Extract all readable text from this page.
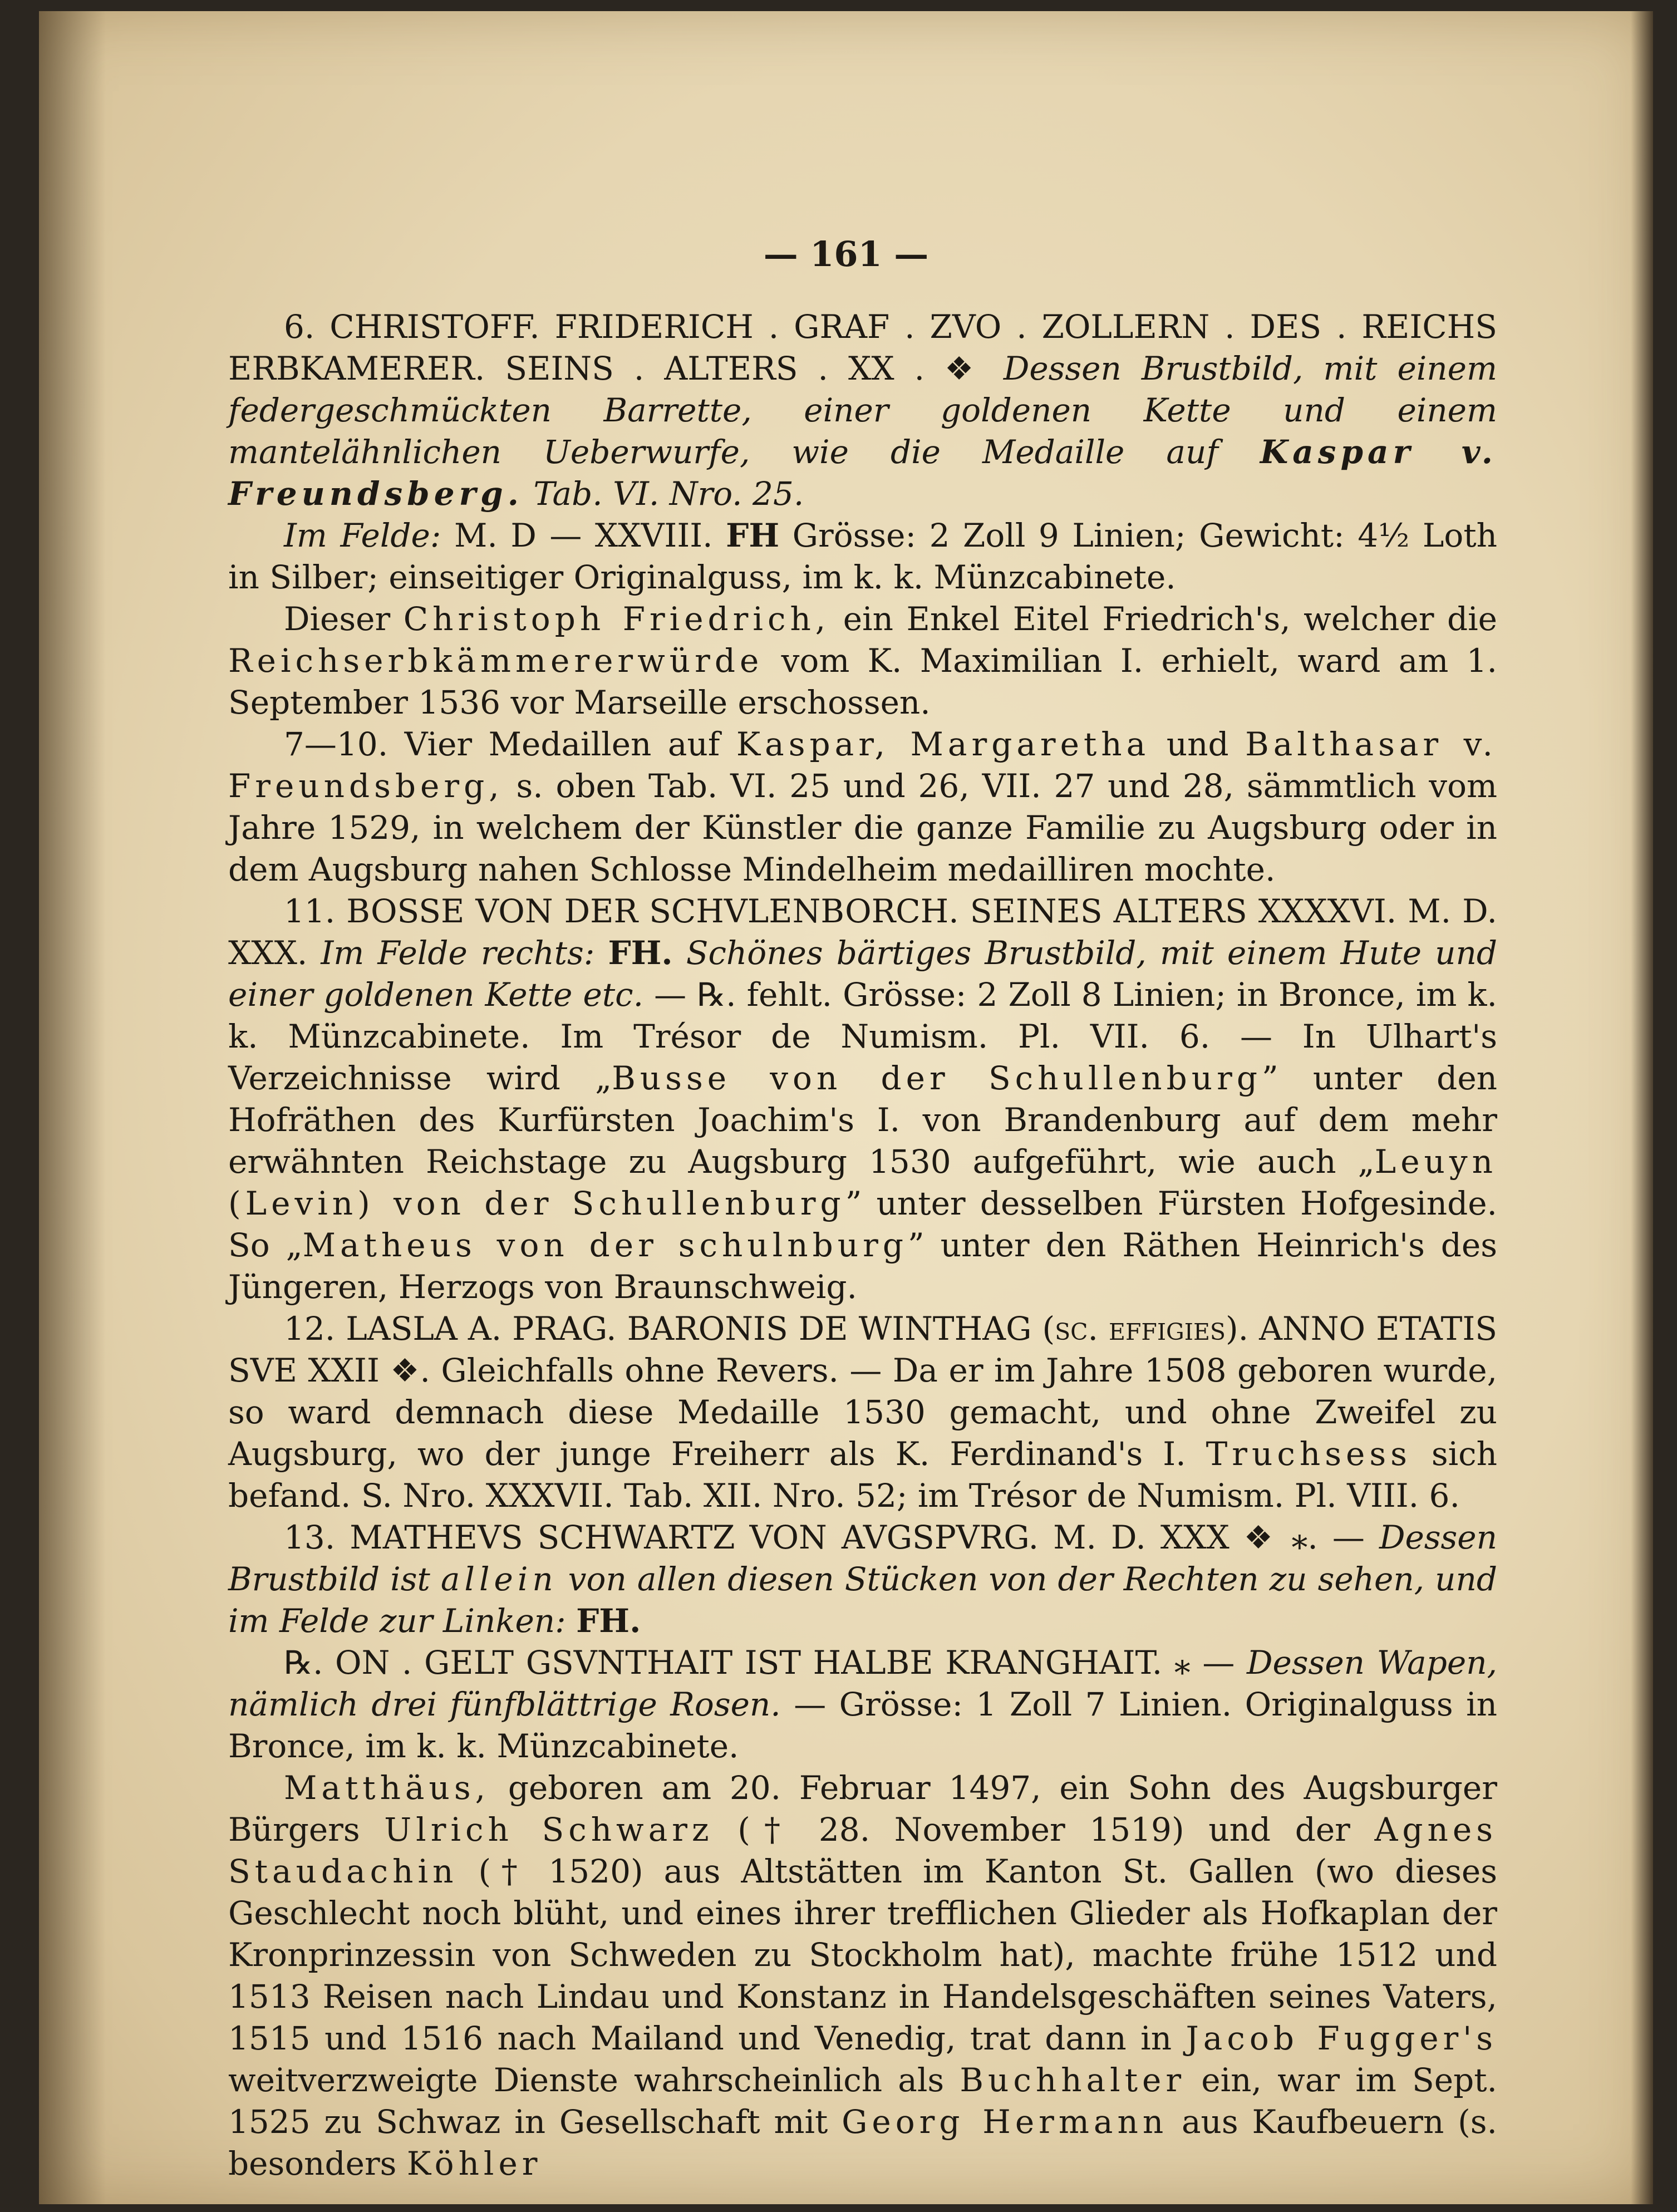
— 161 —

6. CHRISTOFF. FRIDERICH . GRAF . ZVO . ZOLLERN . DES . REICHS ERBKAMERER. SEINS . ALTERS . XX . ❖ Dessen Brustbild, mit einem federgeschmückten Barrette, einer goldenen Kette und einem mantelähnlichen Ueberwurfe, wie die Medaille auf Kaspar v. Freundsberg. Tab. VI. Nro. 25.

Im Felde: M. D — XXVIII. FH Grösse: 2 Zoll 9 Linien; Gewicht: 4½ Loth in Silber; einseitiger Originalguss, im k. k. Münzcabinete.

Dieser Christoph Friedrich, ein Enkel Eitel Friedrich's, welcher die Reichserbkämmererwürde vom K. Maximilian I. erhielt, ward am 1. September 1536 vor Marseille erschossen.

7—10. Vier Medaillen auf Kaspar, Margaretha und Balthasar v. Freundsberg, s. oben Tab. VI. 25 und 26, VII. 27 und 28, sämmtlich vom Jahre 1529, in welchem der Künstler die ganze Familie zu Augsburg oder in dem Augsburg nahen Schlosse Mindelheim medailliren mochte.

11. BOSSE VON DER SCHVLENBORCH. SEINES ALTERS XXXXVI. M. D. XXX. Im Felde rechts: FH. Schönes bärtiges Brustbild, mit einem Hute und einer goldenen Kette etc. — ℞. fehlt. Grösse: 2 Zoll 8 Linien; in Bronce, im k. k. Münzcabinete. Im Trésor de Numism. Pl. VII. 6. — In Ulhart's Verzeichnisse wird „Busse von der Schullenburg” unter den Hofräthen des Kurfürsten Joachim's I. von Brandenburg auf dem mehr erwähnten Reichstage zu Augsburg 1530 aufgeführt, wie auch „Leuyn (Levin) von der Schullenburg” unter desselben Fürsten Hofgesinde. So „Matheus von der schulnburg” unter den Räthen Heinrich's des Jüngeren, Herzogs von Braunschweig.

12. LASLA A. PRAG. BARONIS DE WINTHAG (sc. effigies). ANNO ETATIS SVE XXII ❖. Gleichfalls ohne Revers. — Da er im Jahre 1508 geboren wurde, so ward demnach diese Medaille 1530 gemacht, und ohne Zweifel zu Augsburg, wo der junge Freiherr als K. Ferdinand's I. Truchsess sich befand. S. Nro. XXXVII. Tab. XII. Nro. 52; im Trésor de Numism. Pl. VIII. 6.

13. MATHEVS SCHWARTZ VON AVGSPVRG. M. D. XXX ❖ ⁎. — Dessen Brustbild ist allein von allen diesen Stücken von der Rechten zu sehen, und im Felde zur Linken: FH.

℞. ON . GELT GSVNTHAIT IST HALBE KRANGHAIT. ⁎ — Dessen Wapen, nämlich drei fünfblättrige Rosen. — Grösse: 1 Zoll 7 Linien. Originalguss in Bronce, im k. k. Münzcabinete.

Matthäus, geboren am 20. Februar 1497, ein Sohn des Augsburger Bürgers Ulrich Schwarz († 28. November 1519) und der Agnes Staudachin († 1520) aus Altstätten im Kanton St. Gallen (wo dieses Geschlecht noch blüht, und eines ihrer trefflichen Glieder als Hofkaplan der Kronprinzessin von Schweden zu Stockholm hat), machte frühe 1512 und 1513 Reisen nach Lindau und Konstanz in Handelsgeschäften seines Vaters, 1515 und 1516 nach Mailand und Venedig, trat dann in Jacob Fugger's weitverzweigte Dienste wahrscheinlich als Buchhalter ein, war im Sept. 1525 zu Schwaz in Gesellschaft mit Georg Hermann aus Kaufbeuern (s. besonders Köhler
